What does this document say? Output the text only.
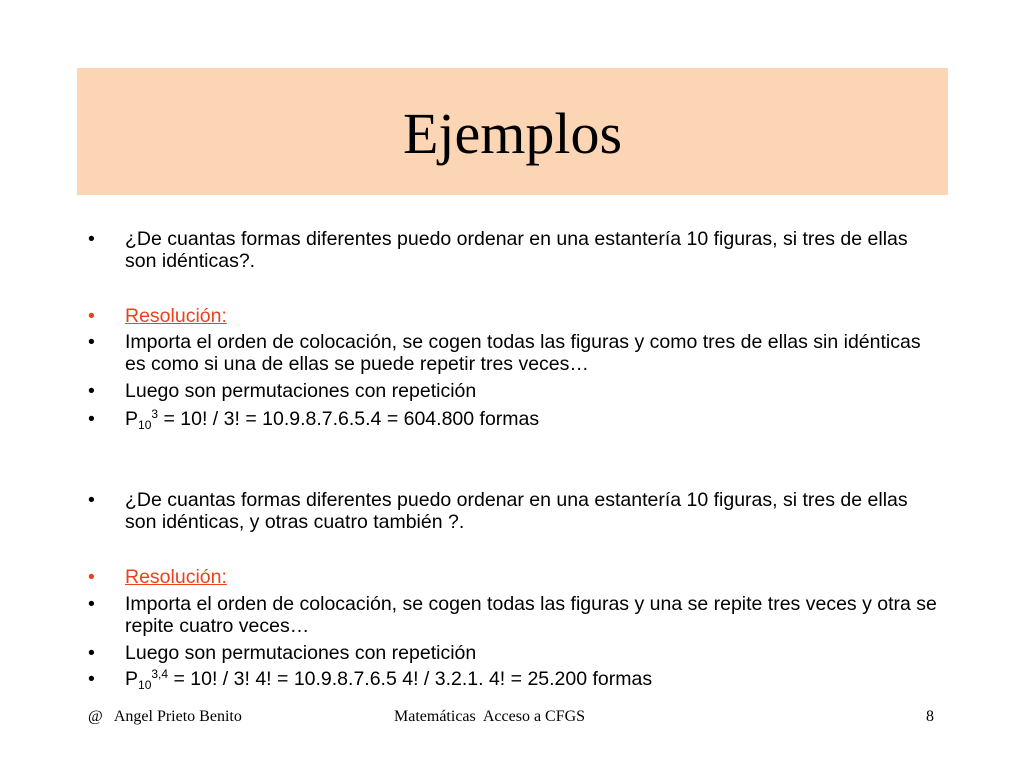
Ejemplos
•	¿De cuantas formas diferentes puedo ordenar en una estantería 10 figuras, si tres de ellas son idénticas?.
•	Resolución:
•	Importa el orden de colocación, se cogen todas las figuras y como tres de ellas sin idénticas es como si una de ellas se puede repetir tres veces…
•	Luego son permutaciones con repetición
•	$P_{10}^3 = 10$! / 3! = 10.9.8.7.6.5.4 = 604.800 formas
•	¿De cuantas formas diferentes puedo ordenar en una estantería 10 figuras, si tres de ellas son idénticas, y otras cuatro también ?.
•	Resolución:
•	Importa el orden de colocación, se cogen todas las figuras y una se repite tres veces y otra se repite cuatro veces…
•	Luego son permutaciones con repetición
•	$P_{10}^{3,4} = 10$! / 3! 4! = 10.9.8.7.6.5 4! / 3.2.1. 4! = 25.200 formas
@   Angel Prieto Benito	Matemáticas  Acceso a CFGS	8
